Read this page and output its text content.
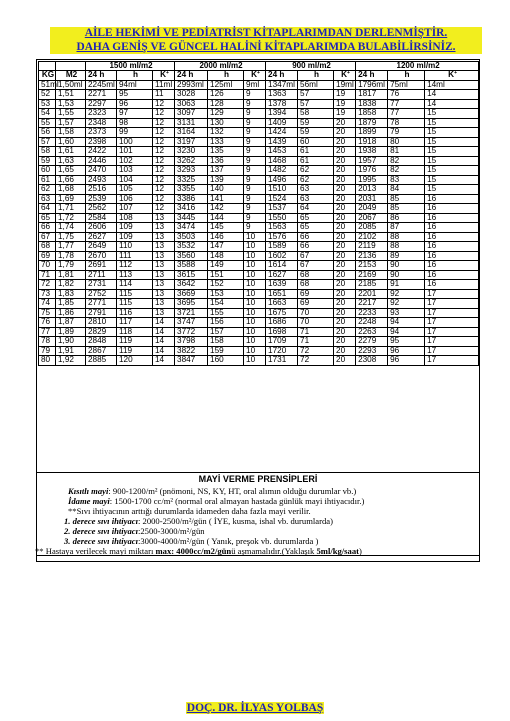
AİLE HEKİMİ VE PEDİATRİST KİTAPLARIMDAN DERLENMİŞTİR.
DAHA GENİŞ VE GÜNCEL HALİNİ KİTAPLARIMDA BULABİLİRSİNİZ.
		1500 ml/m2			2000 ml/m2			900 ml/m2			1200 ml/m2		
KG	M2	24 h	h	K+	24 h	h	K+	24 h	h	K+	24 h	h	K+
51ml	1,50ml	2245ml	94ml	11ml	2993ml	125ml	9ml	1347ml	56ml	19ml	1796ml	75ml	14ml
52	1,51	2271	95	11	3028	126	9	1363	57	19	1817	76	14
53	1,53	2297	96	12	3063	128	9	1378	57	19	1838	77	14
54	1,55	2323	97	12	3097	129	9	1394	58	19	1858	77	15
55	1,57	2348	98	12	3131	130	9	1409	59	20	1879	78	15
56	1,58	2373	99	12	3164	132	9	1424	59	20	1899	79	15
57	1,60	2398	100	12	3197	133	9	1439	60	20	1918	80	15
58	1,61	2422	101	12	3230	135	9	1453	61	20	1938	81	15
59	1,63	2446	102	12	3262	136	9	1468	61	20	1957	82	15
60	1,65	2470	103	12	3293	137	9	1482	62	20	1976	82	15
61	1,66	2493	104	12	3325	139	9	1496	62	20	1995	83	15
62	1,68	2516	105	12	3355	140	9	1510	63	20	2013	84	15
63	1,69	2539	106	12	3386	141	9	1524	63	20	2031	85	16
64	1,71	2562	107	12	3416	142	9	1537	64	20	2049	85	16
65	1,72	2584	108	13	3445	144	9	1550	65	20	2067	86	16
66	1,74	2606	109	13	3474	145	9	1563	65	20	2085	87	16
67	1,75	2627	109	13	3503	146	10	1576	66	20	2102	88	16
68	1,77	2649	110	13	3532	147	10	1589	66	20	2119	88	16
69	1,78	2670	111	13	3560	148	10	1602	67	20	2136	89	16
70	1,79	2691	112	13	3588	149	10	1614	67	20	2153	90	16
71	1,81	2711	113	13	3615	151	10	1627	68	20	2169	90	16
72	1,82	2731	114	13	3642	152	10	1639	68	20	2185	91	16
73	1,83	2752	115	13	3669	153	10	1651	69	20	2201	92	17
74	1,85	2771	115	13	3695	154	10	1663	69	20	2217	92	17
75	1,86	2791	116	13	3721	155	10	1675	70	20	2233	93	17
76	1,87	2810	117	14	3747	156	10	1686	70	20	2248	94	17
77	1,89	2829	118	14	3772	157	10	1698	71	20	2263	94	17
78	1,90	2848	119	14	3798	158	10	1709	71	20	2279	95	17
79	1,91	2867	119	14	3822	159	10	1720	72	20	2293	96	17
80	1,92	2885	120	14	3847	160	10	1731	72	20	2308	96	17
MAYİ VERME PRENSİPLERİ
Kısıtlı mayi: 900-1200/m² (pnömoni, NS, KY, HT, oral alımın olduğu durumlar vb.)
İdame mayi: 1500-1700 cc/m² (normal oral almayan hastada günlük mayi ihtiyacıdır.)
**Sıvı ihtiyacının arttığı durumlarda idameden daha fazla mayi verilir.
1. derece sıvı ihtiyacı: 2000-2500/m²/gün ( İYE, kusma, ishal vb. durumlarda)
2. derece sıvı ihtiyacı:2500-3000/m²/gün
3. derece sıvı ihtiyacı:3000-4000/m²/gün ( Yanık, preşok vb. durumlarda )
** Hastaya verilecek mayi miktarı max: 4000cc/m2/günü aşmamalıdır.(Yaklaşık 5ml/kg/saat)
DOÇ. DR. İLYAS YOLBAŞ
